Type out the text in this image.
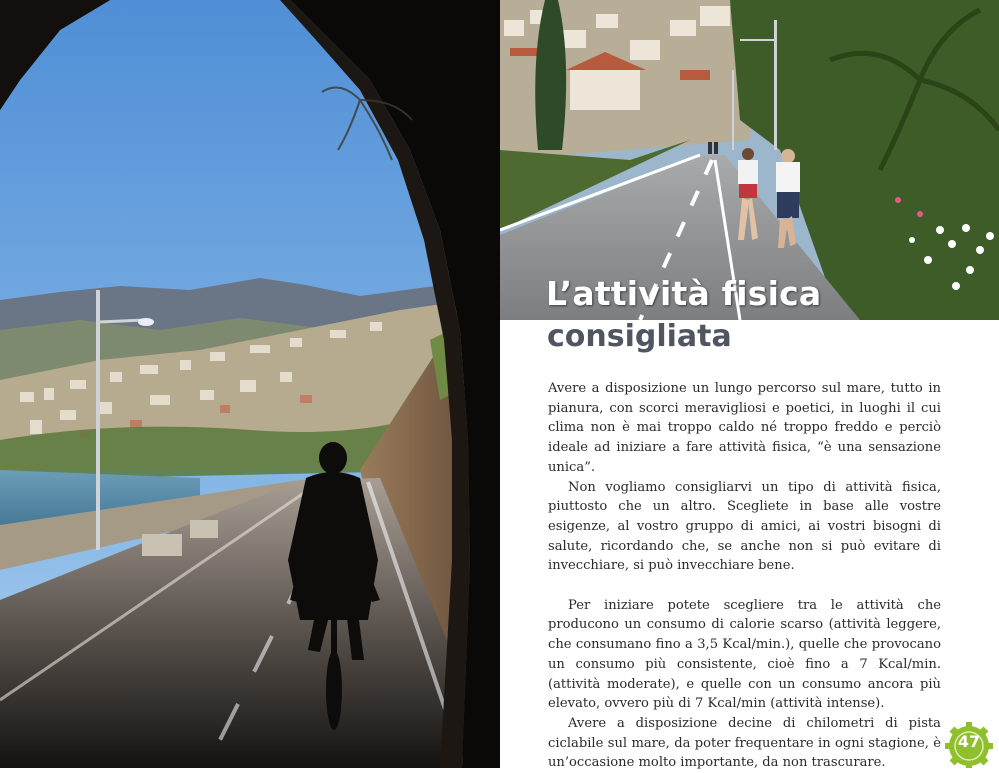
L’attività fisica
consigliata

Avere a disposizione un lungo percorso sul mare, tutto in pianura, con scorci meravigliosi e poetici, in luoghi il cui clima non è mai troppo caldo né troppo freddo e perciò ideale ad iniziare a fare attività fisica, “è una sensazione unica”.

Non vogliamo consigliarvi un tipo di attività fisica, piuttosto che un altro. Scegliete in base alle vostre esigenze, al vostro gruppo di amici, ai vostri bisogni di salute, ricordando che, se anche non si può evitare di invecchiare, si può invecchiare bene.

Per iniziare potete scegliere tra le attività che producono un consumo di calorie scarso (attività leggere, che consumano fino a 3,5 Kcal/min.), quelle che provocano un consumo più consistente, cioè fino a 7 Kcal/min. (attività moderate), e quelle con un consumo ancora più elevato, ovvero più di 7 Kcal/min (attività intense).

Avere a disposizione decine di chilometri di pista ciclabile sul mare, da poter frequentare in ogni stagione, è un’occasione molto importante, da non trascurare.

47
